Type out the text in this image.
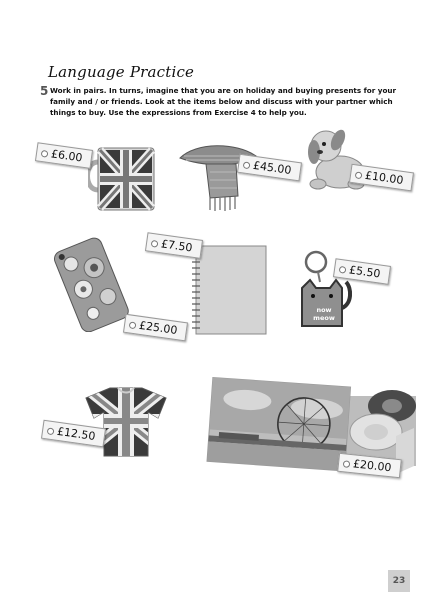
Language Practice
5 Work in pairs. In turns, imagine that you are on holiday and buying presents for your family and / or friends. Look at the items below and discuss with your partner which things to buy. Use the expressions from Exercise 4 to help you.
£6.00
£45.00
£10.00
£25.00
£7.50
now meow
£5.50
£12.50
£20.00
23
